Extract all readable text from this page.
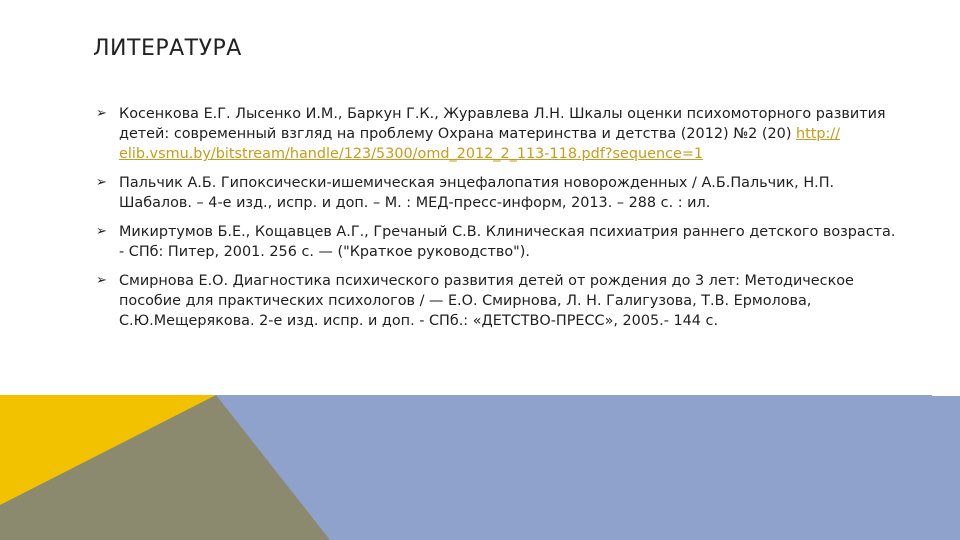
ЛИТЕРАТУРА
➢ Косенкова Е.Г. Лысенко И.М., Баркун Г.К., Журавлева Л.Н. Шкалы оценки психомоторного развития детей: современный взгляд на проблему Охрана материнства и детства (2012) №2 (20) http:// elib.vsmu.by/bitstream/handle/123/5300/omd_2012_2_113-118.pdf?sequence=1
➢ Пальчик А.Б. Гипоксически-ишемическая энцефалопатия новорожденных / А.Б.Пальчик, Н.П. Шабалов. – 4-е изд., испр. и доп. – М. : МЕД-пресс-информ, 2013. – 288 с. : ил.
➢ Микиртумов Б.Е., Кощавцев А.Г., Гречаный С.В. Клиническая психиатрия раннего детского возраста. - СПб: Питер, 2001. 256 с. — ("Краткое руководство").
➢ Смирнова Е.О. Диагностика психического развития детей от рождения до 3 лет: Методическое пособие для практических психологов / — Е.О. Смирнова, Л. Н. Галигузова, Т.В. Ермолова, С.Ю.Мещерякова. 2-е изд. испр. и доп. - СПб.: «ДЕТСТВО-ПРЕСС», 2005.- 144 с.
